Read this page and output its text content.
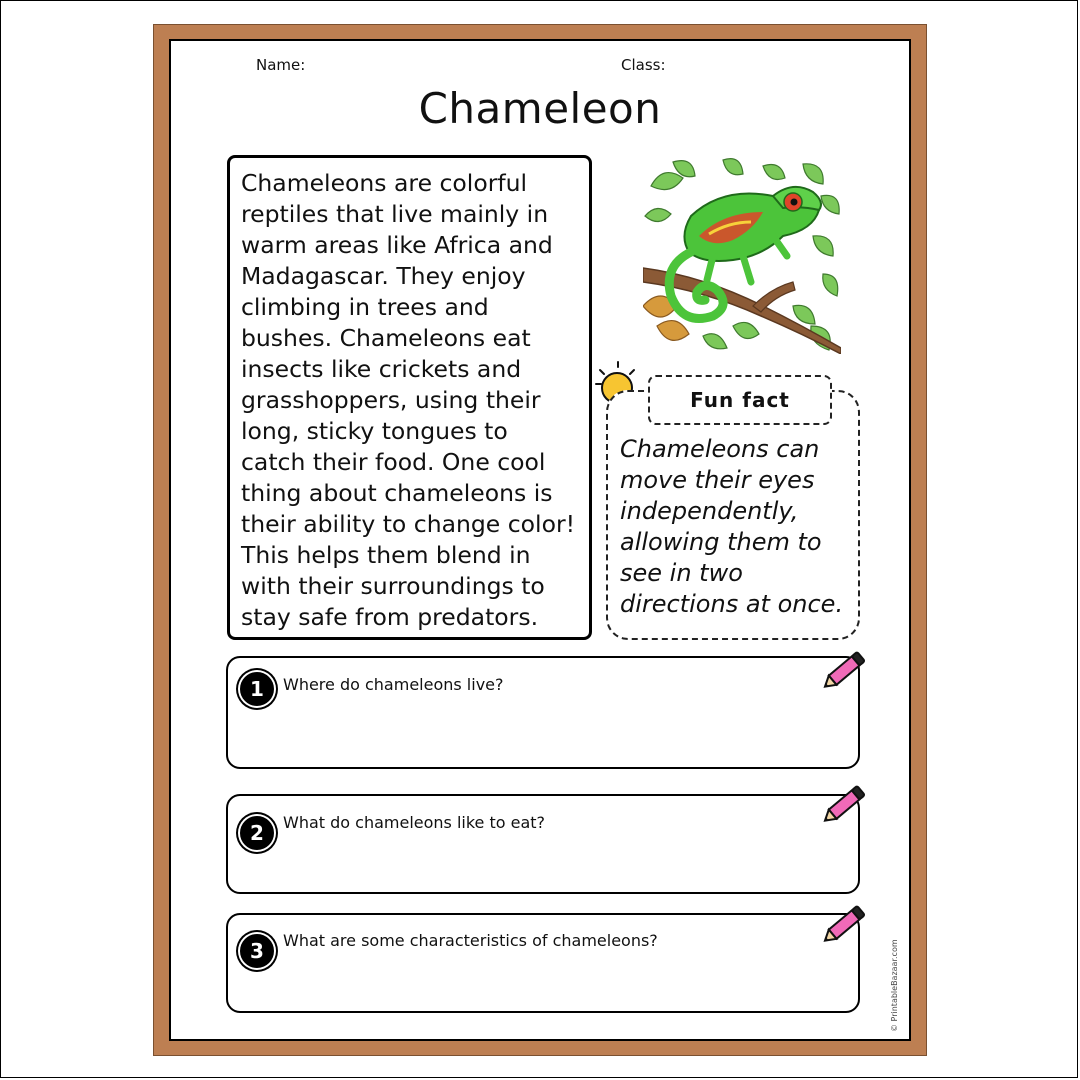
Name:	Class:
Chameleon
Chameleons are colorful reptiles that live mainly in warm areas like Africa and Madagascar. They enjoy climbing in trees and bushes. Chameleons eat insects like crickets and grasshoppers, using their long, sticky tongues to catch their food. One cool thing about chameleons is their ability to change color! This helps them blend in with their surroundings to stay safe from predators.
Fun fact
Chameleons can move their eyes independently, allowing them to see in two directions at once.
1	Where do chameleons live?
2	What do chameleons like to eat?
3	What are some characteristics of chameleons?	© PrintableBazaar.com
